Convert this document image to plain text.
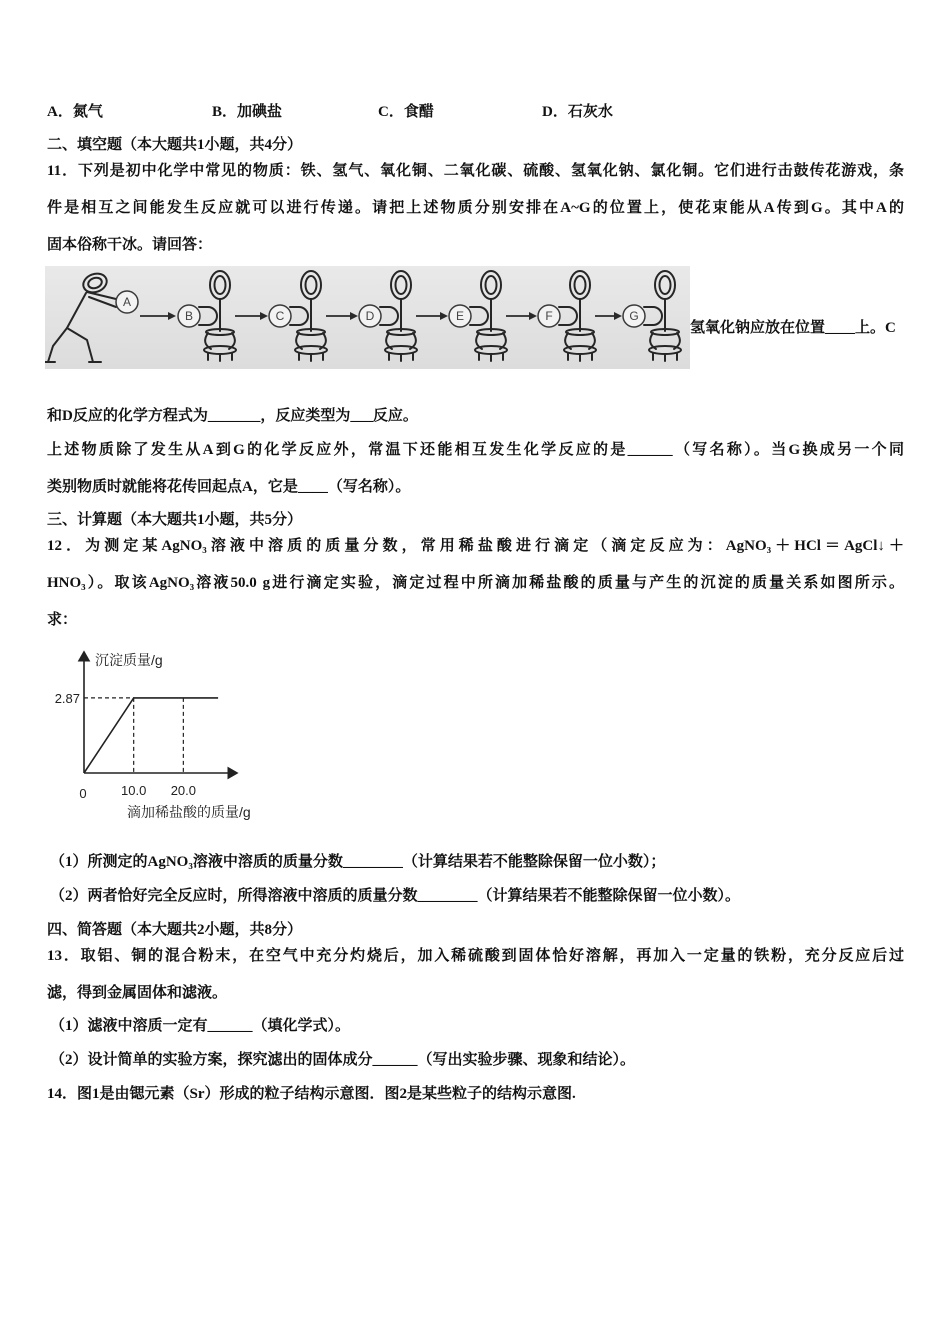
A．氮气	B．加碘盐	C．食醋	D．石灰水
二、填空题（本大题共1小题，共4分）
11．下列是初中化学中常见的物质：铁、氢气、氧化铜、二氧化碳、硫酸、氢氧化钠、氯化铜。它们进行击鼓传花游戏，条
件是相互之间能发生反应就可以进行传递。请把上述物质分别安排在A~G的位置上，使花束能从A传到G。其中A的
固本俗称干冰。请回答：
A
B	C	D	E	F	G
氢氧化钠应放在位置____上。C
和D反应的化学方程式为_______，反应类型为___反应。
上述物质除了发生从A到G的化学反应外，常温下还能相互发生化学反应的是______（写名称）。当G换成另一个同
类别物质时就能将花传回起点A，它是____（写名称）。
三、计算题（本大题共1小题，共5分）
12．为测定某AgNO₃溶液中溶质的质量分数，常用稀盐酸进行滴定（滴定反应为：AgNO₃＋HCl＝AgCl↓＋
HNO₃）。取该AgNO₃溶液50.0 g进行滴定实验，滴定过程中所滴加稀盐酸的质量与产生的沉淀的质量关系如图所示。
求：
10.0 20.0
2.87
0
沉淀质量/g
滴加稀盐酸的质量/g
（1）所测定的AgNO₃溶液中溶质的质量分数________（计算结果若不能整除保留一位小数）；
（2）两者恰好完全反应时，所得溶液中溶质的质量分数________（计算结果若不能整除保留一位小数）。
四、简答题（本大题共2小题，共8分）
13．取铝、铜的混合粉末，在空气中充分灼烧后，加入稀硫酸到固体恰好溶解，再加入一定量的铁粉，充分反应后过
滤，得到金属固体和滤液。
（1）滤液中溶质一定有______（填化学式）。
（2）设计简单的实验方案，探究滤出的固体成分______（写出实验步骤、现象和结论）。
14．图1是由锶元素（Sr）形成的粒子结构示意图．图2是某些粒子的结构示意图.
